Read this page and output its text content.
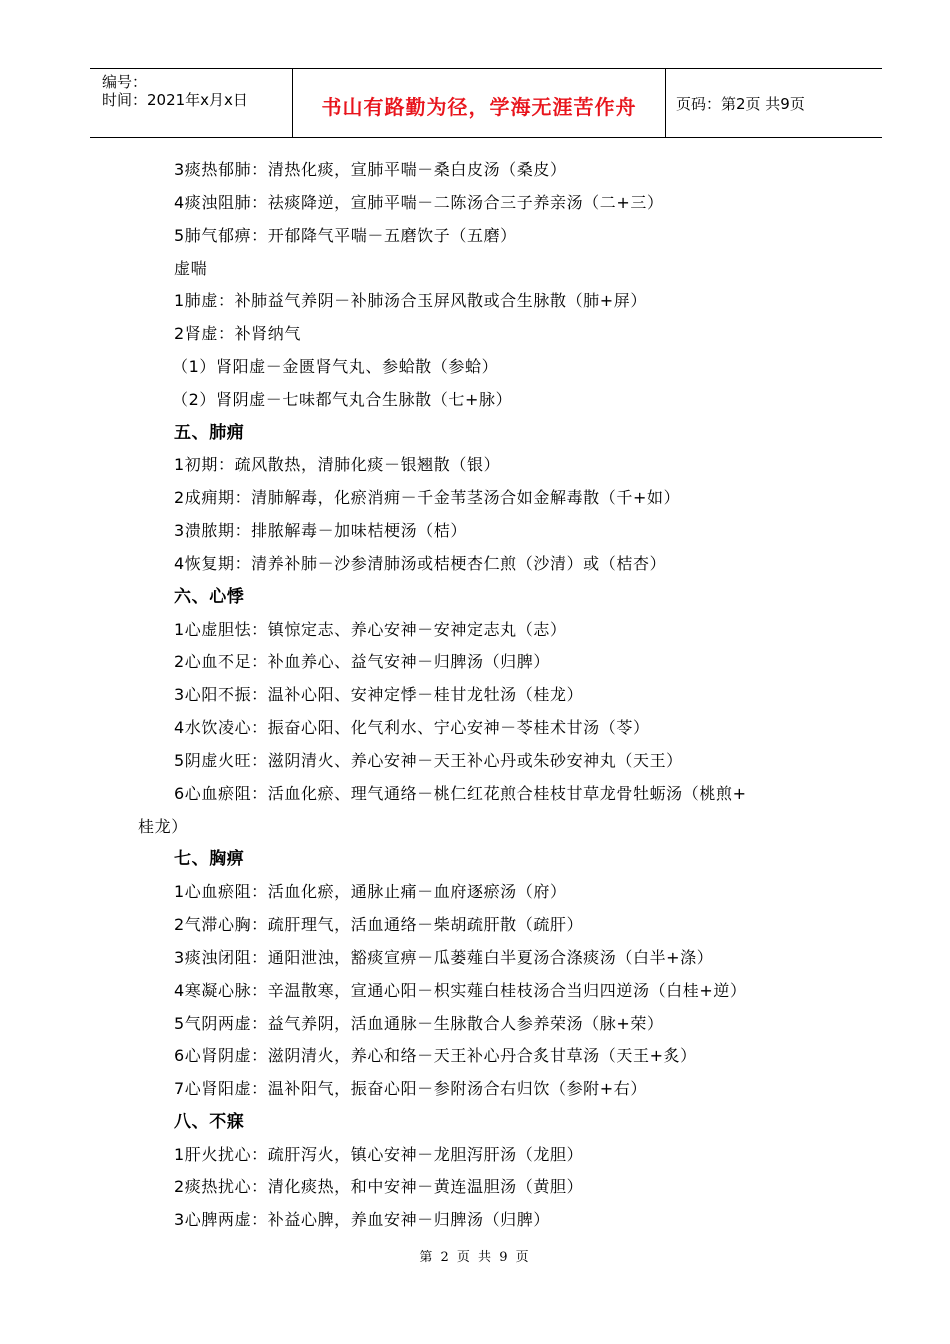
编号：
时间：2021年x月x日	书山有路勤为径，学海无涯苦作舟	页码：第2页 共9页
3痰热郁肺：清热化痰，宣肺平喘－桑白皮汤（桑皮）
4痰浊阻肺：祛痰降逆，宣肺平喘－二陈汤合三子养亲汤（二+三）
5肺气郁痹：开郁降气平喘－五磨饮子（五磨）
虚喘
1肺虚：补肺益气养阴－补肺汤合玉屏风散或合生脉散（肺+屏）
2肾虚：补肾纳气
（1）肾阳虚－金匮肾气丸、参蛤散（参蛤）
（2）肾阴虚－七味都气丸合生脉散（七+脉）
五、肺痈
1初期：疏风散热，清肺化痰－银翘散（银）
2成痈期：清肺解毒，化瘀消痈－千金苇茎汤合如金解毒散（千+如）
3溃脓期：排脓解毒－加味桔梗汤（桔）
4恢复期：清养补肺－沙参清肺汤或桔梗杏仁煎（沙清）或（桔杏）
六、心悸
1心虚胆怯：镇惊定志、养心安神－安神定志丸（志）
2心血不足：补血养心、益气安神－归脾汤（归脾）
3心阳不振：温补心阳、安神定悸－桂甘龙牡汤（桂龙）
4水饮凌心：振奋心阳、化气利水、宁心安神－苓桂术甘汤（苓）
5阴虚火旺：滋阴清火、养心安神－天王补心丹或朱砂安神丸（天王）
6心血瘀阻：活血化瘀、理气通络－桃仁红花煎合桂枝甘草龙骨牡蛎汤（桃煎+
桂龙）
七、胸痹
1心血瘀阻：活血化瘀，通脉止痛－血府逐瘀汤（府）
2气滞心胸：疏肝理气，活血通络－柴胡疏肝散（疏肝）
3痰浊闭阻：通阳泄浊，豁痰宣痹－瓜蒌薤白半夏汤合涤痰汤（白半+涤）
4寒凝心脉：辛温散寒，宣通心阳－枳实薤白桂枝汤合当归四逆汤（白桂+逆）
5气阴两虚：益气养阴，活血通脉－生脉散合人参养荣汤（脉+荣）
6心肾阴虚：滋阴清火，养心和络－天王补心丹合炙甘草汤（天王+炙）
7心肾阳虚：温补阳气，振奋心阳－参附汤合右归饮（参附+右）
八、不寐
1肝火扰心：疏肝泻火，镇心安神－龙胆泻肝汤（龙胆）
2痰热扰心：清化痰热，和中安神－黄连温胆汤（黄胆）
3心脾两虚：补益心脾，养血安神－归脾汤（归脾）
第 2 页 共 9 页
